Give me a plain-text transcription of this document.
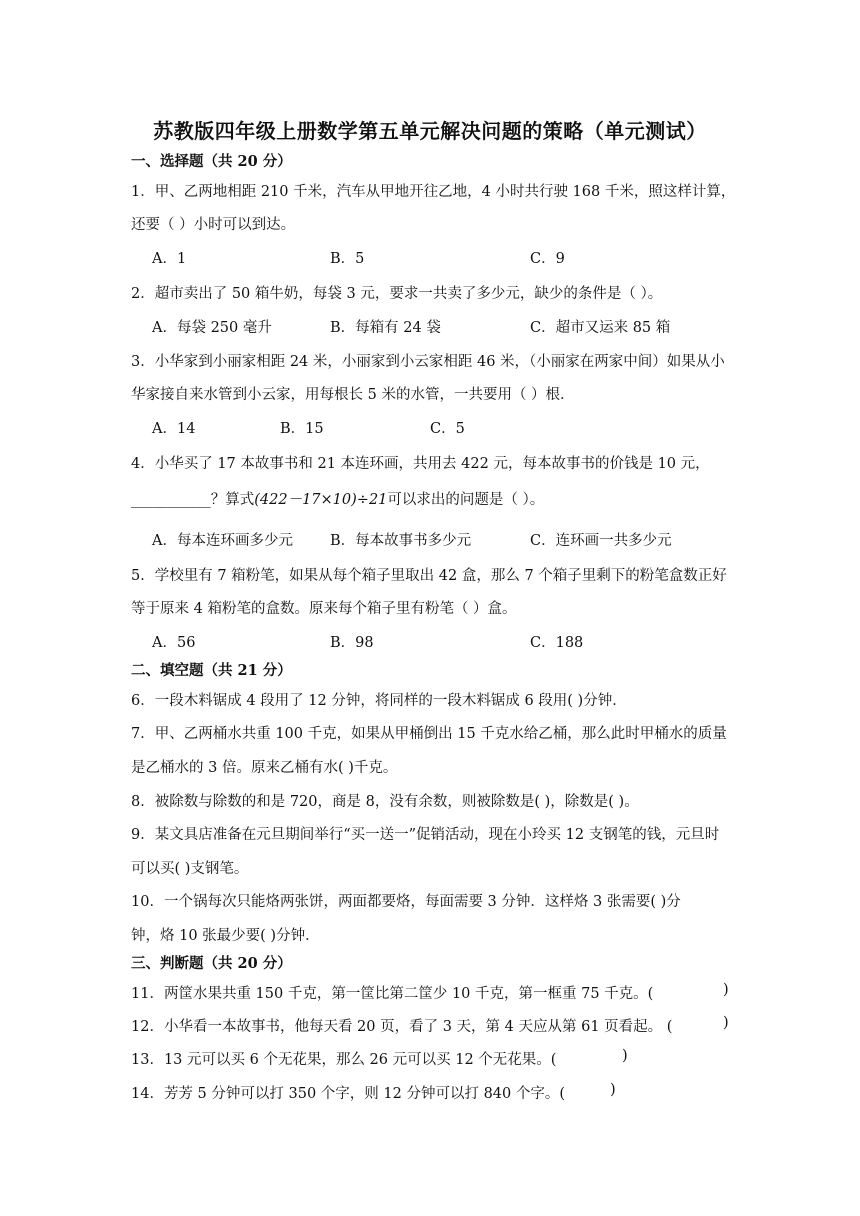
苏教版四年级上册数学第五单元解决问题的策略（单元测试）
一、选择题（共 20 分）
1．甲、乙两地相距 210 千米，汽车从甲地开往乙地，4 小时共行驶 168 千米，照这样计算，
还要（ ）小时可以到达。
A．1	B．5	C．9
2．超市卖出了 50 箱牛奶，每袋 3 元，要求一共卖了多少元，缺少的条件是（ ）。
A．每袋 250 毫升	B．每箱有 24 袋	C．超市又运来 85 箱
3．小华家到小丽家相距 24 米，小丽家到小云家相距 46 米，（小丽家在两家中间）如果从小
华家接自来水管到小云家，用每根长 5 米的水管，一共要用（ ）根．
A．14	B．15	C．5
4．小华买了 17 本故事书和 21 本连环画，共用去 422 元，每本故事书的价钱是 10 元，
___________？算式(422－17×10)÷21可以求出的问题是（ ）。
A．每本连环画多少元	B．每本故事书多少元	C．连环画一共多少元
5．学校里有 7 箱粉笔，如果从每个箱子里取出 42 盒，那么 7 个箱子里剩下的粉笔盒数正好
等于原来 4 箱粉笔的盒数。原来每个箱子里有粉笔（ ）盒。
A．56	B．98	C．188
二、填空题（共 21 分）
6．一段木料锯成 4 段用了 12 分钟，将同样的一段木料锯成 6 段用( )分钟．
7．甲、乙两桶水共重 100 千克，如果从甲桶倒出 15 千克水给乙桶，那么此时甲桶水的质量
是乙桶水的 3 倍。原来乙桶有水( )千克。
8．被除数与除数的和是 720，商是 8，没有余数，则被除数是( )，除数是( )。
9．某文具店准备在元旦期间举行“买一送一”促销活动，现在小玲买 12 支钢笔的钱，元旦时
可以买( )支钢笔。
10．一个锅每次只能烙两张饼，两面都要烙，每面需要 3 分钟．这样烙 3 张需要( )分
钟，烙 10 张最少要( )分钟．
三、判断题（共 20 分）
11．两筐水果共重 150 千克，第一筐比第二筐少 10 千克，第一框重 75 千克。(	)
12．小华看一本故事书，他每天看 20 页，看了 3 天，第 4 天应从第 61 页看起。 (	)
13．13 元可以买 6 个无花果，那么 26 元可以买 12 个无花果。(	)
14．芳芳 5 分钟可以打 350 个字，则 12 分钟可以打 840 个字。(	)
